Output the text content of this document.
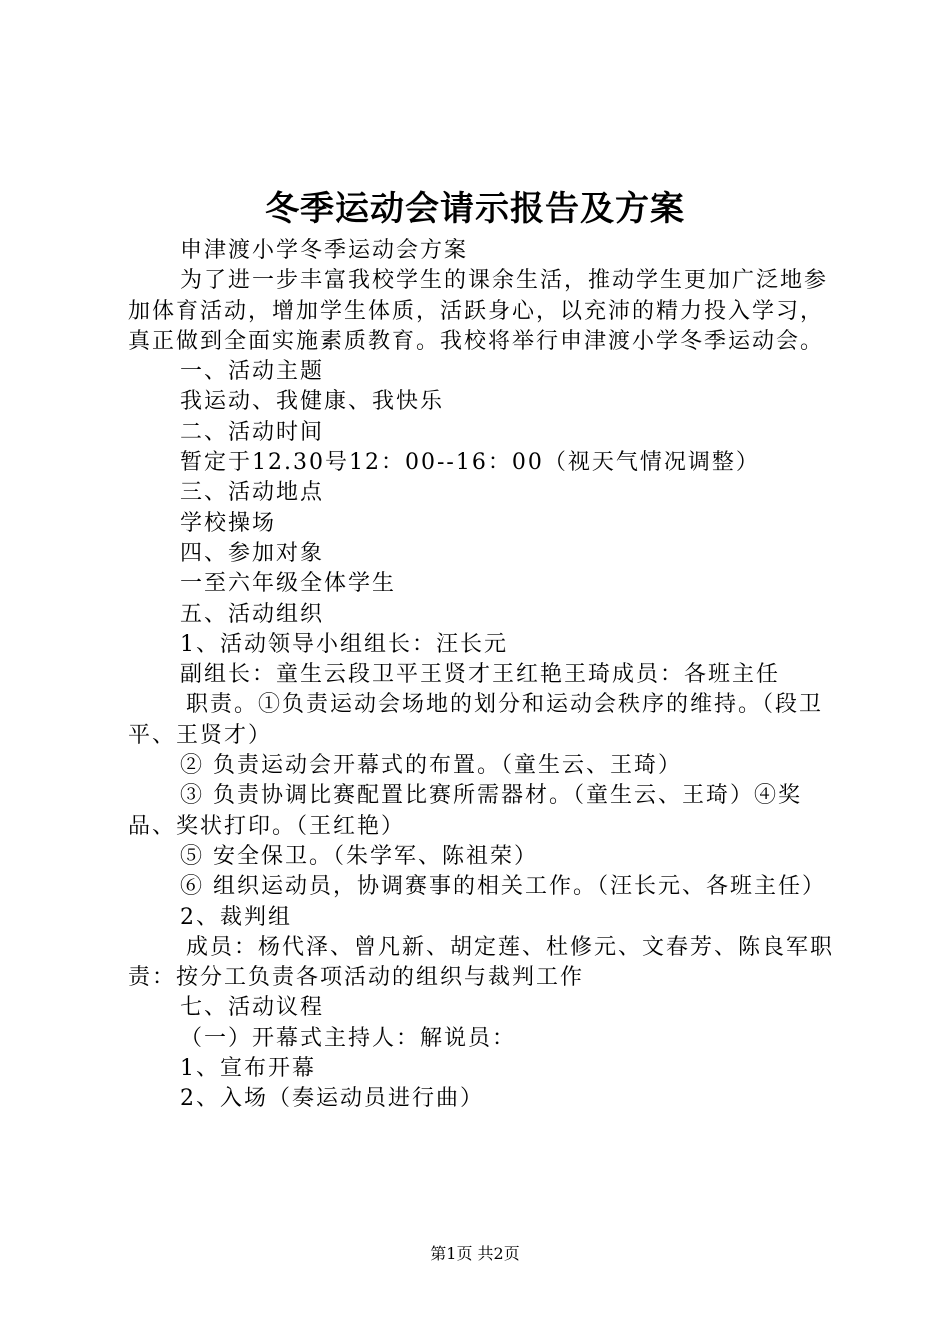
冬季运动会请示报告及方案

申津渡小学冬季运动会方案

为了进一步丰富我校学生的课余生活，推动学生更加广泛地参加体育活动，增加学生体质，活跃身心，以充沛的精力投入学习，真正做到全面实施素质教育。我校将举行申津渡小学冬季运动会。

一、活动主题

我运动、我健康、我快乐

二、活动时间

暂定于12.30号12：00--16：00（视天气情况调整）

三、活动地点

学校操场

四、参加对象

一至六年级全体学生

五、活动组织

1、活动领导小组组长：汪长元

副组长：童生云段卫平王贤才王红艳王琦成员：各班主任

职责。①负责运动会场地的划分和运动会秩序的维持。（段卫平、王贤才）

② 负责运动会开幕式的布置。（童生云、王琦）

③ 负责协调比赛配置比赛所需器材。（童生云、王琦）④奖品、奖状打印。（王红艳）

⑤ 安全保卫。（朱学军、陈祖荣）

⑥ 组织运动员，协调赛事的相关工作。（汪长元、各班主任）

2、裁判组

成员：杨代泽、曾凡新、胡定莲、杜修元、文春芳、陈良军职责：按分工负责各项活动的组织与裁判工作

七、活动议程

（一）开幕式主持人：解说员：

1、宣布开幕

2、入场（奏运动员进行曲）

第1页 共2页
